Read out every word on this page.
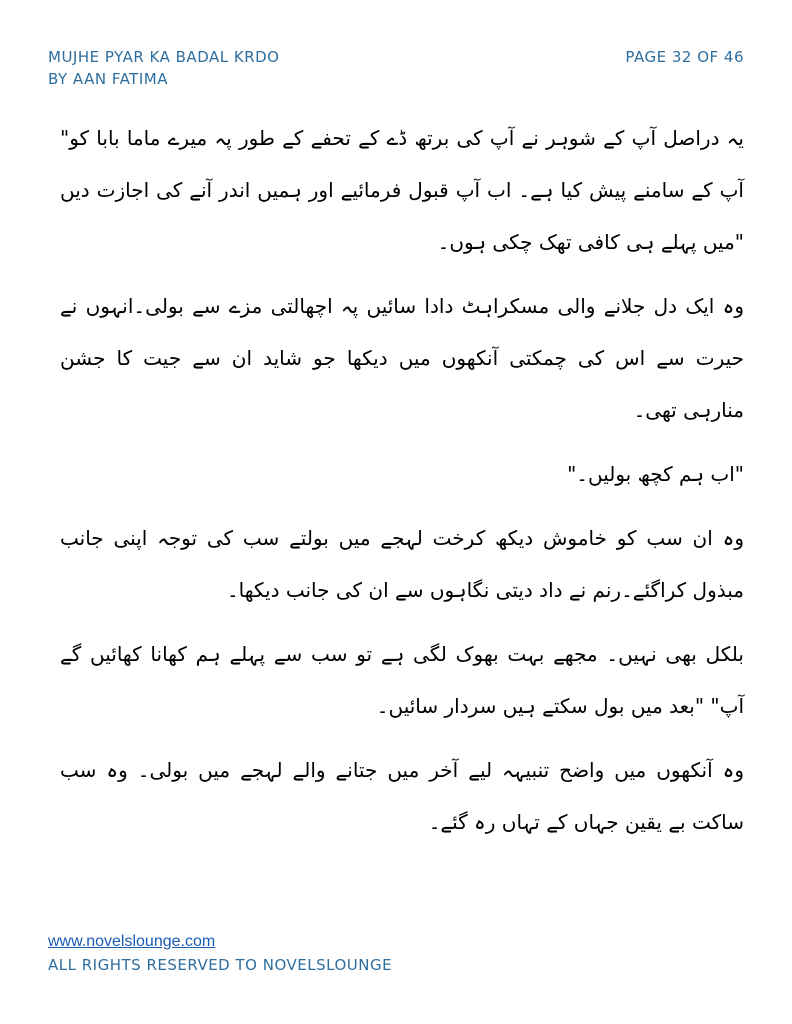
MUJHE PYAR KA BADAL KRDO
BY AAN FATIMA
PAGE 32 OF 46

یہ دراصل آپ کے شوہر نے آپ کی برتھ ڈے کے تحفے کے طور پہ میرے ماما بابا کو" آپ کے سامنے پیش کیا ہے۔ اب آپ قبول فرمائیے اور ہمیں اندر آنے کی اجازت دیں "میں پہلے ہی کافی تھک چکی ہوں۔

وہ ایک دل جلانے والی مسکراہٹ دادا سائیں پہ اچھالتی مزے سے بولی۔انہوں نے حیرت سے اس کی چمکتی آنکھوں میں دیکھا جو شاید ان سے جیت کا جشن منارہی تھی۔

"اب ہم کچھ بولیں۔"

وہ ان سب کو خاموش دیکھ کرخت لہجے میں بولتے سب کی توجہ اپنی جانب مبذول کراگئے۔رنم نے داد دیتی نگاہوں سے ان کی جانب دیکھا۔

بلکل بھی نہیں۔ مجھے بہت بھوک لگی ہے تو سب سے پہلے ہم کھانا کھائیں گے آپ" "بعد میں بول سکتے ہیں سردار سائیں۔

وہ آنکھوں میں واضح تنبیہہ لیے آخر میں جتانے والے لہجے میں بولی۔ وہ سب ساکت بے یقین جہاں کے تہاں رہ گئے۔

www.novelslounge.com
ALL RIGHTS RESERVED TO NOVELSLOUNGE
